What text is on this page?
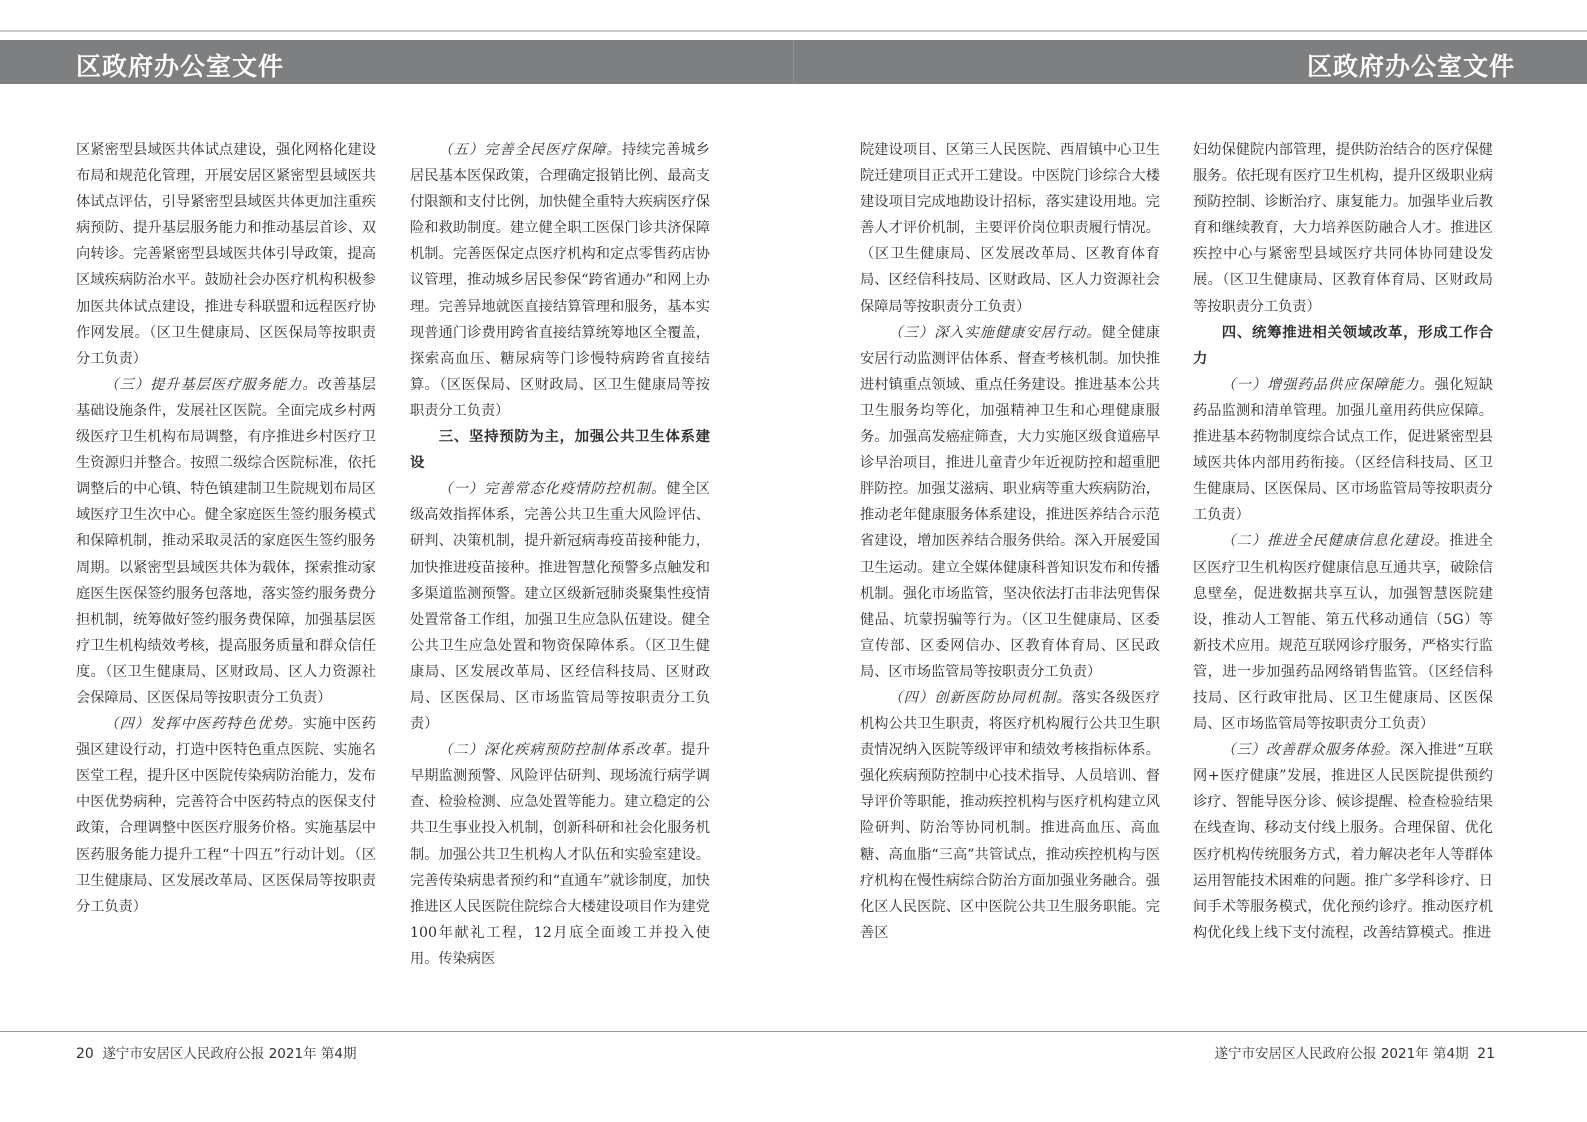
区政府办公室文件	区政府办公室文件

区紧密型县域医共体试点建设，强化网格化建设布局和规范化管理，开展安居区紧密型县域医共体试点评估，引导紧密型县域医共体更加注重疾病预防、提升基层服务能力和推动基层首诊、双向转诊。完善紧密型县域医共体引导政策，提高区域疾病防治水平。鼓励社会办医疗机构积极参加医共体试点建设，推进专科联盟和远程医疗协作网发展。（区卫生健康局、区医保局等按职责分工负责）

（三）提升基层医疗服务能力。改善基层基础设施条件，发展社区医院。全面完成乡村两级医疗卫生机构布局调整，有序推进乡村医疗卫生资源归并整合。按照二级综合医院标准，依托调整后的中心镇、特色镇建制卫生院规划布局区域医疗卫生次中心。健全家庭医生签约服务模式和保障机制，推动采取灵活的家庭医生签约服务周期。以紧密型县域医共体为载体，探索推动家庭医生医保签约服务包落地，落实签约服务费分担机制，统筹做好签约服务费保障，加强基层医疗卫生机构绩效考核，提高服务质量和群众信任度。（区卫生健康局、区财政局、区人力资源社会保障局、区医保局等按职责分工负责）

（四）发挥中医药特色优势。实施中医药强区建设行动，打造中医特色重点医院、实施名医堂工程，提升区中医院传染病防治能力，发布中医优势病种，完善符合中医药特点的医保支付政策，合理调整中医医疗服务价格。实施基层中医药服务能力提升工程“十四五”行动计划。（区卫生健康局、区发展改革局、区医保局等按职责分工负责）

（五）完善全民医疗保障。持续完善城乡居民基本医保政策，合理确定报销比例、最高支付限额和支付比例，加快健全重特大疾病医疗保险和救助制度。建立健全职工医保门诊共济保障机制。完善医保定点医疗机构和定点零售药店协议管理，推动城乡居民参保“跨省通办”和网上办理。完善异地就医直接结算管理和服务，基本实现普通门诊费用跨省直接结算统筹地区全覆盖，探索高血压、糖尿病等门诊慢特病跨省直接结算。（区医保局、区财政局、区卫生健康局等按职责分工负责）

三、坚持预防为主，加强公共卫生体系建设

（一）完善常态化疫情防控机制。健全区级高效指挥体系，完善公共卫生重大风险评估、研判、决策机制，提升新冠病毒疫苗接种能力，加快推进疫苗接种。推进智慧化预警多点触发和多渠道监测预警。建立区级新冠肺炎聚集性疫情处置常备工作组，加强卫生应急队伍建设。健全公共卫生应急处置和物资保障体系。（区卫生健康局、区发展改革局、区经信科技局、区财政局、区医保局、区市场监管局等按职责分工负责）

（二）深化疾病预防控制体系改革。提升早期监测预警、风险评估研判、现场流行病学调查、检验检测、应急处置等能力。建立稳定的公共卫生事业投入机制，创新科研和社会化服务机制。加强公共卫生机构人才队伍和实验室建设。完善传染病患者预约和“直通车”就诊制度，加快推进区人民医院住院综合大楼建设项目作为建党100年献礼工程，12月底全面竣工并投入使用。传染病医

院建设项目、区第三人民医院、西眉镇中心卫生院迁建项目正式开工建设。中医院门诊综合大楼建设项目完成地勘设计招标，落实建设用地。完善人才评价机制，主要评价岗位职责履行情况。（区卫生健康局、区发展改革局、区教育体育局、区经信科技局、区财政局、区人力资源社会保障局等按职责分工负责）

（三）深入实施健康安居行动。健全健康安居行动监测评估体系、督查考核机制。加快推进村镇重点领域、重点任务建设。推进基本公共卫生服务均等化，加强精神卫生和心理健康服务。加强高发癌症筛查，大力实施区级食道癌早诊早治项目，推进儿童青少年近视防控和超重肥胖防控。加强艾滋病、职业病等重大疾病防治，推动老年健康服务体系建设，推进医养结合示范省建设，增加医养结合服务供给。深入开展爱国卫生运动。建立全媒体健康科普知识发布和传播机制。强化市场监管，坚决依法打击非法兜售保健品、坑蒙拐骗等行为。（区卫生健康局、区委宣传部、区委网信办、区教育体育局、区民政局、区市场监管局等按职责分工负责）

（四）创新医防协同机制。落实各级医疗机构公共卫生职责，将医疗机构履行公共卫生职责情况纳入医院等级评审和绩效考核指标体系。强化疾病预防控制中心技术指导、人员培训、督导评价等职能，推动疾控机构与医疗机构建立风险研判、防治等协同机制。推进高血压、高血糖、高血脂“三高”共管试点，推动疾控机构与医疗机构在慢性病综合防治方面加强业务融合。强化区人民医院、区中医院公共卫生服务职能。完善区

妇幼保健院内部管理，提供防治结合的医疗保健服务。依托现有医疗卫生机构，提升区级职业病预防控制、诊断治疗、康复能力。加强毕业后教育和继续教育，大力培养医防融合人才。推进区疾控中心与紧密型县域医疗共同体协同建设发展。（区卫生健康局、区教育体育局、区财政局等按职责分工负责）

四、统筹推进相关领域改革，形成工作合力

（一）增强药品供应保障能力。强化短缺药品监测和清单管理。加强儿童用药供应保障。推进基本药物制度综合试点工作，促进紧密型县域医共体内部用药衔接。（区经信科技局、区卫生健康局、区医保局、区市场监管局等按职责分工负责）

（二）推进全民健康信息化建设。推进全区医疗卫生机构医疗健康信息互通共享，破除信息壁垒，促进数据共享互认，加强智慧医院建设，推动人工智能、第五代移动通信（5G）等新技术应用。规范互联网诊疗服务，严格实行监管，进一步加强药品网络销售监管。（区经信科技局、区行政审批局、区卫生健康局、区医保局、区市场监管局等按职责分工负责）

（三）改善群众服务体验。深入推进“互联网+医疗健康”发展，推进区人民医院提供预约诊疗、智能导医分诊、候诊提醒、检查检验结果在线查询、移动支付线上服务。合理保留、优化医疗机构传统服务方式，着力解决老年人等群体运用智能技术困难的问题。推广多学科诊疗、日间手术等服务模式，优化预约诊疗。推动医疗机构优化线上线下支付流程，改善结算模式。推进

20 遂宁市安居区人民政府公报 2021年 第4期	遂宁市安居区人民政府公报 2021年 第4期 21
